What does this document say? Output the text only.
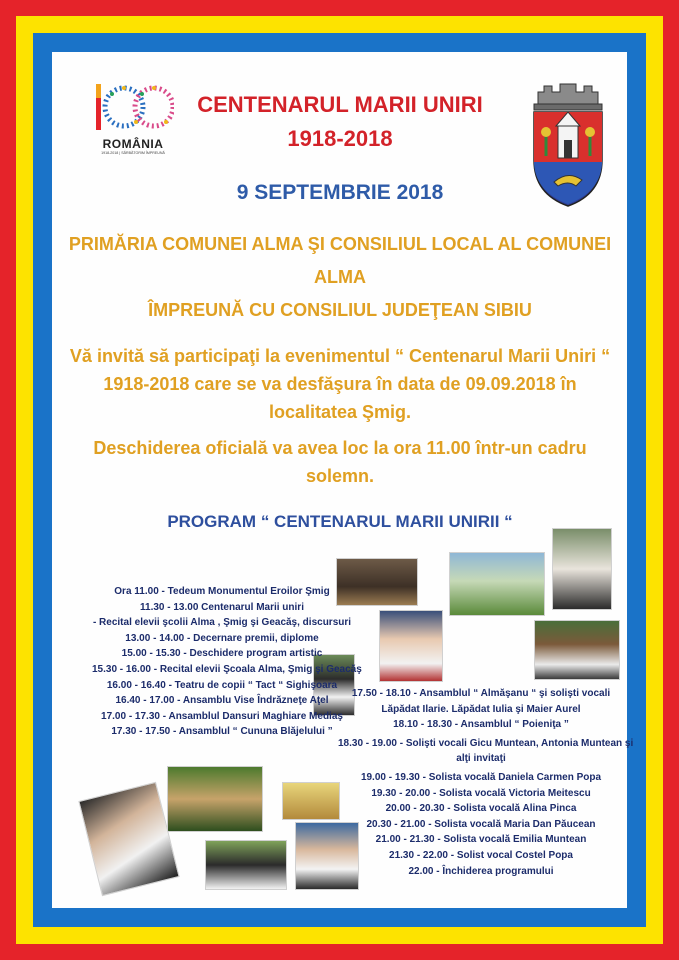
ROMÂNIA
1918-2018 | SĂRBĂTORIM ÎMPREUNĂ
CENTENARUL MARII UNIRI
1918-2018
9 SEPTEMBRIE 2018
PRIMĂRIA COMUNEI ALMA ŞI CONSILIUL LOCAL AL COMUNEI
ALMA
ÎMPREUNĂ CU CONSILIUL JUDEŢEAN SIBIU
Vă invită să participaţi la evenimentul “ Centenarul Marii Uniri “
1918-2018 care se va desfăşura în data de 09.09.2018 în
localitatea Şmig.
Deschiderea oficială va avea loc la ora 11.00 într-un cadru
solemn.
PROGRAM “ CENTENARUL MARII UNIRII “
Ora 11.00 - Tedeum Monumentul Eroilor Şmig
11.30 - 13.00 Centenarul Marii uniri
- Recital elevii şcolii Alma , Şmig şi Geacăş, discursuri
13.00 - 14.00 - Decernare premii, diplome
15.00 - 15.30 - Deschidere program artistic
15.30 - 16.00 - Recital elevii Şcoala Alma, Şmig şi Geacăş
16.00 - 16.40 - Teatru de copii “ Tact “ Sighişoara
16.40 - 17.00 - Ansamblu Vise Îndrăzneţe Aţel
17.00 - 17.30 - Ansamblul Dansuri Maghiare Mediaş
17.30 - 17.50 - Ansamblul “ Cununa Blăjelului ”
17.50 - 18.10 - Ansamblul “ Almăşanu “ şi solişti vocali
Lăpădat Ilarie. Lăpădat Iulia şi Maier Aurel
18.10 - 18.30 - Ansamblul “ Poieniţa ”
18.30 - 19.00 - Solişti vocali Gicu Muntean, Antonia Muntean şi
alţi invitaţi
19.00 - 19.30 - Solista vocală Daniela Carmen Popa
19.30 - 20.00 - Solista vocală Victoria Meitescu
20.00 - 20.30 - Solista vocală Alina Pinca
20.30 - 21.00 - Solista vocală Maria Dan Păucean
21.00 - 21.30 - Solista vocală Emilia Muntean
21.30 - 22.00 - Solist vocal Costel Popa
22.00 - Închiderea programului
